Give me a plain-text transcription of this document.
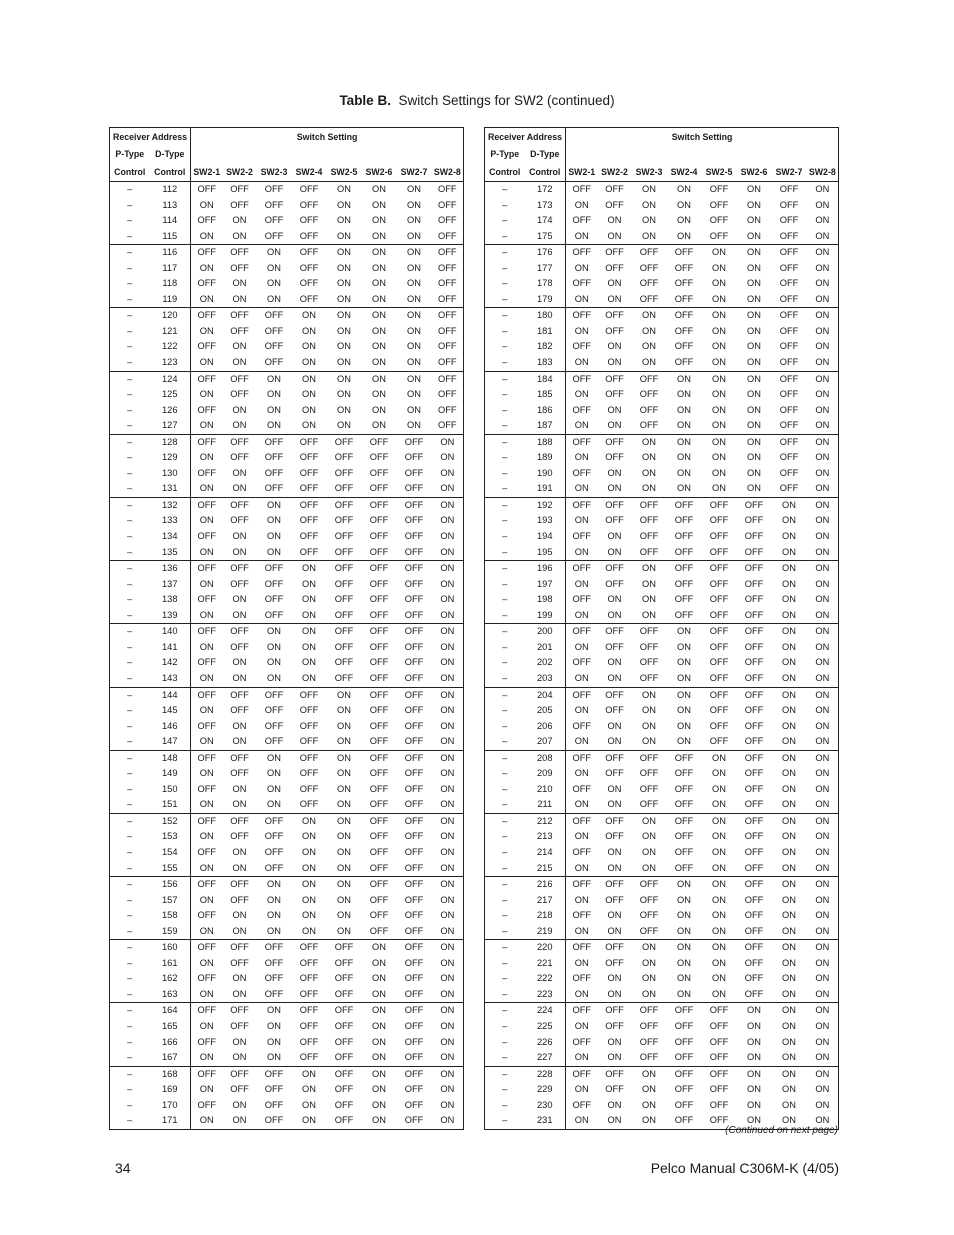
Table B. Switch Settings for SW2 (continued)
Receiver Address		Switch Setting							
P-Type	D-Type								
Control	Control	SW2-1	SW2-2	SW2-3	SW2-4	SW2-5	SW2-6	SW2-7	SW2-8
–	112	OFF	OFF	OFF	OFF	ON	ON	ON	OFF
–	113	ON	OFF	OFF	OFF	ON	ON	ON	OFF
–	114	OFF	ON	OFF	OFF	ON	ON	ON	OFF
–	115	ON	ON	OFF	OFF	ON	ON	ON	OFF
–	116	OFF	OFF	ON	OFF	ON	ON	ON	OFF
–	117	ON	OFF	ON	OFF	ON	ON	ON	OFF
–	118	OFF	ON	ON	OFF	ON	ON	ON	OFF
–	119	ON	ON	ON	OFF	ON	ON	ON	OFF
–	120	OFF	OFF	OFF	ON	ON	ON	ON	OFF
–	121	ON	OFF	OFF	ON	ON	ON	ON	OFF
–	122	OFF	ON	OFF	ON	ON	ON	ON	OFF
–	123	ON	ON	OFF	ON	ON	ON	ON	OFF
–	124	OFF	OFF	ON	ON	ON	ON	ON	OFF
–	125	ON	OFF	ON	ON	ON	ON	ON	OFF
–	126	OFF	ON	ON	ON	ON	ON	ON	OFF
–	127	ON	ON	ON	ON	ON	ON	ON	OFF
–	128	OFF	OFF	OFF	OFF	OFF	OFF	OFF	ON
–	129	ON	OFF	OFF	OFF	OFF	OFF	OFF	ON
–	130	OFF	ON	OFF	OFF	OFF	OFF	OFF	ON
–	131	ON	ON	OFF	OFF	OFF	OFF	OFF	ON
–	132	OFF	OFF	ON	OFF	OFF	OFF	OFF	ON
–	133	ON	OFF	ON	OFF	OFF	OFF	OFF	ON
–	134	OFF	ON	ON	OFF	OFF	OFF	OFF	ON
–	135	ON	ON	ON	OFF	OFF	OFF	OFF	ON
–	136	OFF	OFF	OFF	ON	OFF	OFF	OFF	ON
–	137	ON	OFF	OFF	ON	OFF	OFF	OFF	ON
–	138	OFF	ON	OFF	ON	OFF	OFF	OFF	ON
–	139	ON	ON	OFF	ON	OFF	OFF	OFF	ON
–	140	OFF	OFF	ON	ON	OFF	OFF	OFF	ON
–	141	ON	OFF	ON	ON	OFF	OFF	OFF	ON
–	142	OFF	ON	ON	ON	OFF	OFF	OFF	ON
–	143	ON	ON	ON	ON	OFF	OFF	OFF	ON
–	144	OFF	OFF	OFF	OFF	ON	OFF	OFF	ON
–	145	ON	OFF	OFF	OFF	ON	OFF	OFF	ON
–	146	OFF	ON	OFF	OFF	ON	OFF	OFF	ON
–	147	ON	ON	OFF	OFF	ON	OFF	OFF	ON
–	148	OFF	OFF	ON	OFF	ON	OFF	OFF	ON
–	149	ON	OFF	ON	OFF	ON	OFF	OFF	ON
–	150	OFF	ON	ON	OFF	ON	OFF	OFF	ON
–	151	ON	ON	ON	OFF	ON	OFF	OFF	ON
–	152	OFF	OFF	OFF	ON	ON	OFF	OFF	ON
–	153	ON	OFF	OFF	ON	ON	OFF	OFF	ON
–	154	OFF	ON	OFF	ON	ON	OFF	OFF	ON
–	155	ON	ON	OFF	ON	ON	OFF	OFF	ON
–	156	OFF	OFF	ON	ON	ON	OFF	OFF	ON
–	157	ON	OFF	ON	ON	ON	OFF	OFF	ON
–	158	OFF	ON	ON	ON	ON	OFF	OFF	ON
–	159	ON	ON	ON	ON	ON	OFF	OFF	ON
–	160	OFF	OFF	OFF	OFF	OFF	ON	OFF	ON
–	161	ON	OFF	OFF	OFF	OFF	ON	OFF	ON
–	162	OFF	ON	OFF	OFF	OFF	ON	OFF	ON
–	163	ON	ON	OFF	OFF	OFF	ON	OFF	ON
–	164	OFF	OFF	ON	OFF	OFF	ON	OFF	ON
–	165	ON	OFF	ON	OFF	OFF	ON	OFF	ON
–	166	OFF	ON	ON	OFF	OFF	ON	OFF	ON
–	167	ON	ON	ON	OFF	OFF	ON	OFF	ON
–	168	OFF	OFF	OFF	ON	OFF	ON	OFF	ON
–	169	ON	OFF	OFF	ON	OFF	ON	OFF	ON
–	170	OFF	ON	OFF	ON	OFF	ON	OFF	ON
–	171	ON	ON	OFF	ON	OFF	ON	OFF	ON
Receiver Address		Switch Setting							
P-Type	D-Type								
Control	Control	SW2-1	SW2-2	SW2-3	SW2-4	SW2-5	SW2-6	SW2-7	SW2-8
–	172	OFF	OFF	ON	ON	OFF	ON	OFF	ON
–	173	ON	OFF	ON	ON	OFF	ON	OFF	ON
–	174	OFF	ON	ON	ON	OFF	ON	OFF	ON
–	175	ON	ON	ON	ON	OFF	ON	OFF	ON
–	176	OFF	OFF	OFF	OFF	ON	ON	OFF	ON
–	177	ON	OFF	OFF	OFF	ON	ON	OFF	ON
–	178	OFF	ON	OFF	OFF	ON	ON	OFF	ON
–	179	ON	ON	OFF	OFF	ON	ON	OFF	ON
–	180	OFF	OFF	ON	OFF	ON	ON	OFF	ON
–	181	ON	OFF	ON	OFF	ON	ON	OFF	ON
–	182	OFF	ON	ON	OFF	ON	ON	OFF	ON
–	183	ON	ON	ON	OFF	ON	ON	OFF	ON
–	184	OFF	OFF	OFF	ON	ON	ON	OFF	ON
–	185	ON	OFF	OFF	ON	ON	ON	OFF	ON
–	186	OFF	ON	OFF	ON	ON	ON	OFF	ON
–	187	ON	ON	OFF	ON	ON	ON	OFF	ON
–	188	OFF	OFF	ON	ON	ON	ON	OFF	ON
–	189	ON	OFF	ON	ON	ON	ON	OFF	ON
–	190	OFF	ON	ON	ON	ON	ON	OFF	ON
–	191	ON	ON	ON	ON	ON	ON	OFF	ON
–	192	OFF	OFF	OFF	OFF	OFF	OFF	ON	ON
–	193	ON	OFF	OFF	OFF	OFF	OFF	ON	ON
–	194	OFF	ON	OFF	OFF	OFF	OFF	ON	ON
–	195	ON	ON	OFF	OFF	OFF	OFF	ON	ON
–	196	OFF	OFF	ON	OFF	OFF	OFF	ON	ON
–	197	ON	OFF	ON	OFF	OFF	OFF	ON	ON
–	198	OFF	ON	ON	OFF	OFF	OFF	ON	ON
–	199	ON	ON	ON	OFF	OFF	OFF	ON	ON
–	200	OFF	OFF	OFF	ON	OFF	OFF	ON	ON
–	201	ON	OFF	OFF	ON	OFF	OFF	ON	ON
–	202	OFF	ON	OFF	ON	OFF	OFF	ON	ON
–	203	ON	ON	OFF	ON	OFF	OFF	ON	ON
–	204	OFF	OFF	ON	ON	OFF	OFF	ON	ON
–	205	ON	OFF	ON	ON	OFF	OFF	ON	ON
–	206	OFF	ON	ON	ON	OFF	OFF	ON	ON
–	207	ON	ON	ON	ON	OFF	OFF	ON	ON
–	208	OFF	OFF	OFF	OFF	ON	OFF	ON	ON
–	209	ON	OFF	OFF	OFF	ON	OFF	ON	ON
–	210	OFF	ON	OFF	OFF	ON	OFF	ON	ON
–	211	ON	ON	OFF	OFF	ON	OFF	ON	ON
–	212	OFF	OFF	ON	OFF	ON	OFF	ON	ON
–	213	ON	OFF	ON	OFF	ON	OFF	ON	ON
–	214	OFF	ON	ON	OFF	ON	OFF	ON	ON
–	215	ON	ON	ON	OFF	ON	OFF	ON	ON
–	216	OFF	OFF	OFF	ON	ON	OFF	ON	ON
–	217	ON	OFF	OFF	ON	ON	OFF	ON	ON
–	218	OFF	ON	OFF	ON	ON	OFF	ON	ON
–	219	ON	ON	OFF	ON	ON	OFF	ON	ON
–	220	OFF	OFF	ON	ON	ON	OFF	ON	ON
–	221	ON	OFF	ON	ON	ON	OFF	ON	ON
–	222	OFF	ON	ON	ON	ON	OFF	ON	ON
–	223	ON	ON	ON	ON	ON	OFF	ON	ON
–	224	OFF	OFF	OFF	OFF	OFF	ON	ON	ON
–	225	ON	OFF	OFF	OFF	OFF	ON	ON	ON
–	226	OFF	ON	OFF	OFF	OFF	ON	ON	ON
–	227	ON	ON	OFF	OFF	OFF	ON	ON	ON
–	228	OFF	OFF	ON	OFF	OFF	ON	ON	ON
–	229	ON	OFF	ON	OFF	OFF	ON	ON	ON
–	230	OFF	ON	ON	OFF	OFF	ON	ON	ON
–	231	ON	ON	ON	OFF	OFF	ON	ON	ON
(Continued on next page)
34	Pelco Manual C306M-K (4/05)
